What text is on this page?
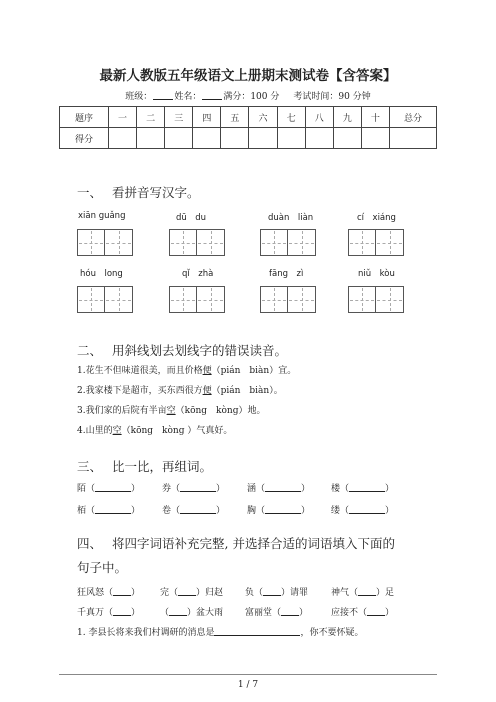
最新人教版五年级语文上册期末测试卷【含答案】
班级： 姓名： 满分：100 分 考试时间：90 分钟
题序	一	二	三	四	五	六	七	八	九	十	总分
得分											
一、 看拼音写汉字。
xiān guǎng	dū　du	duàn　liàn	cí　xiáng
hóu　long	qǐ　zhà	fāng　zì	niǔ　kòu
二、 用斜线划去划线字的错误读音。
1.花生不但味道很美，而且价格便（pián　biàn）宜。
2.我家楼下是超市，买东西很方便（pián　biàn）。
3.我们家的后院有半亩空（kōng　kòng）地。
4.山里的空（kōng　kòng ）气真好。
三、 比一比，再组词。
陌（	） 券（	） 涵（	） 楼（	）
栢（	） 卷（	） 胸（	） 缕（	）
四、 将四字词语补充完整, 并选择合适的词语填入下面的
句子中。
狂风怒（ ） 完（ ）归赵 负（ ）请罪	神气（ ）足
千真万（ ） （ ）盆大雨 富丽堂（ ）	应接不（ ）
1. 李县长将来我们村调研的消息是	，你不要怀疑。
1 / 7
